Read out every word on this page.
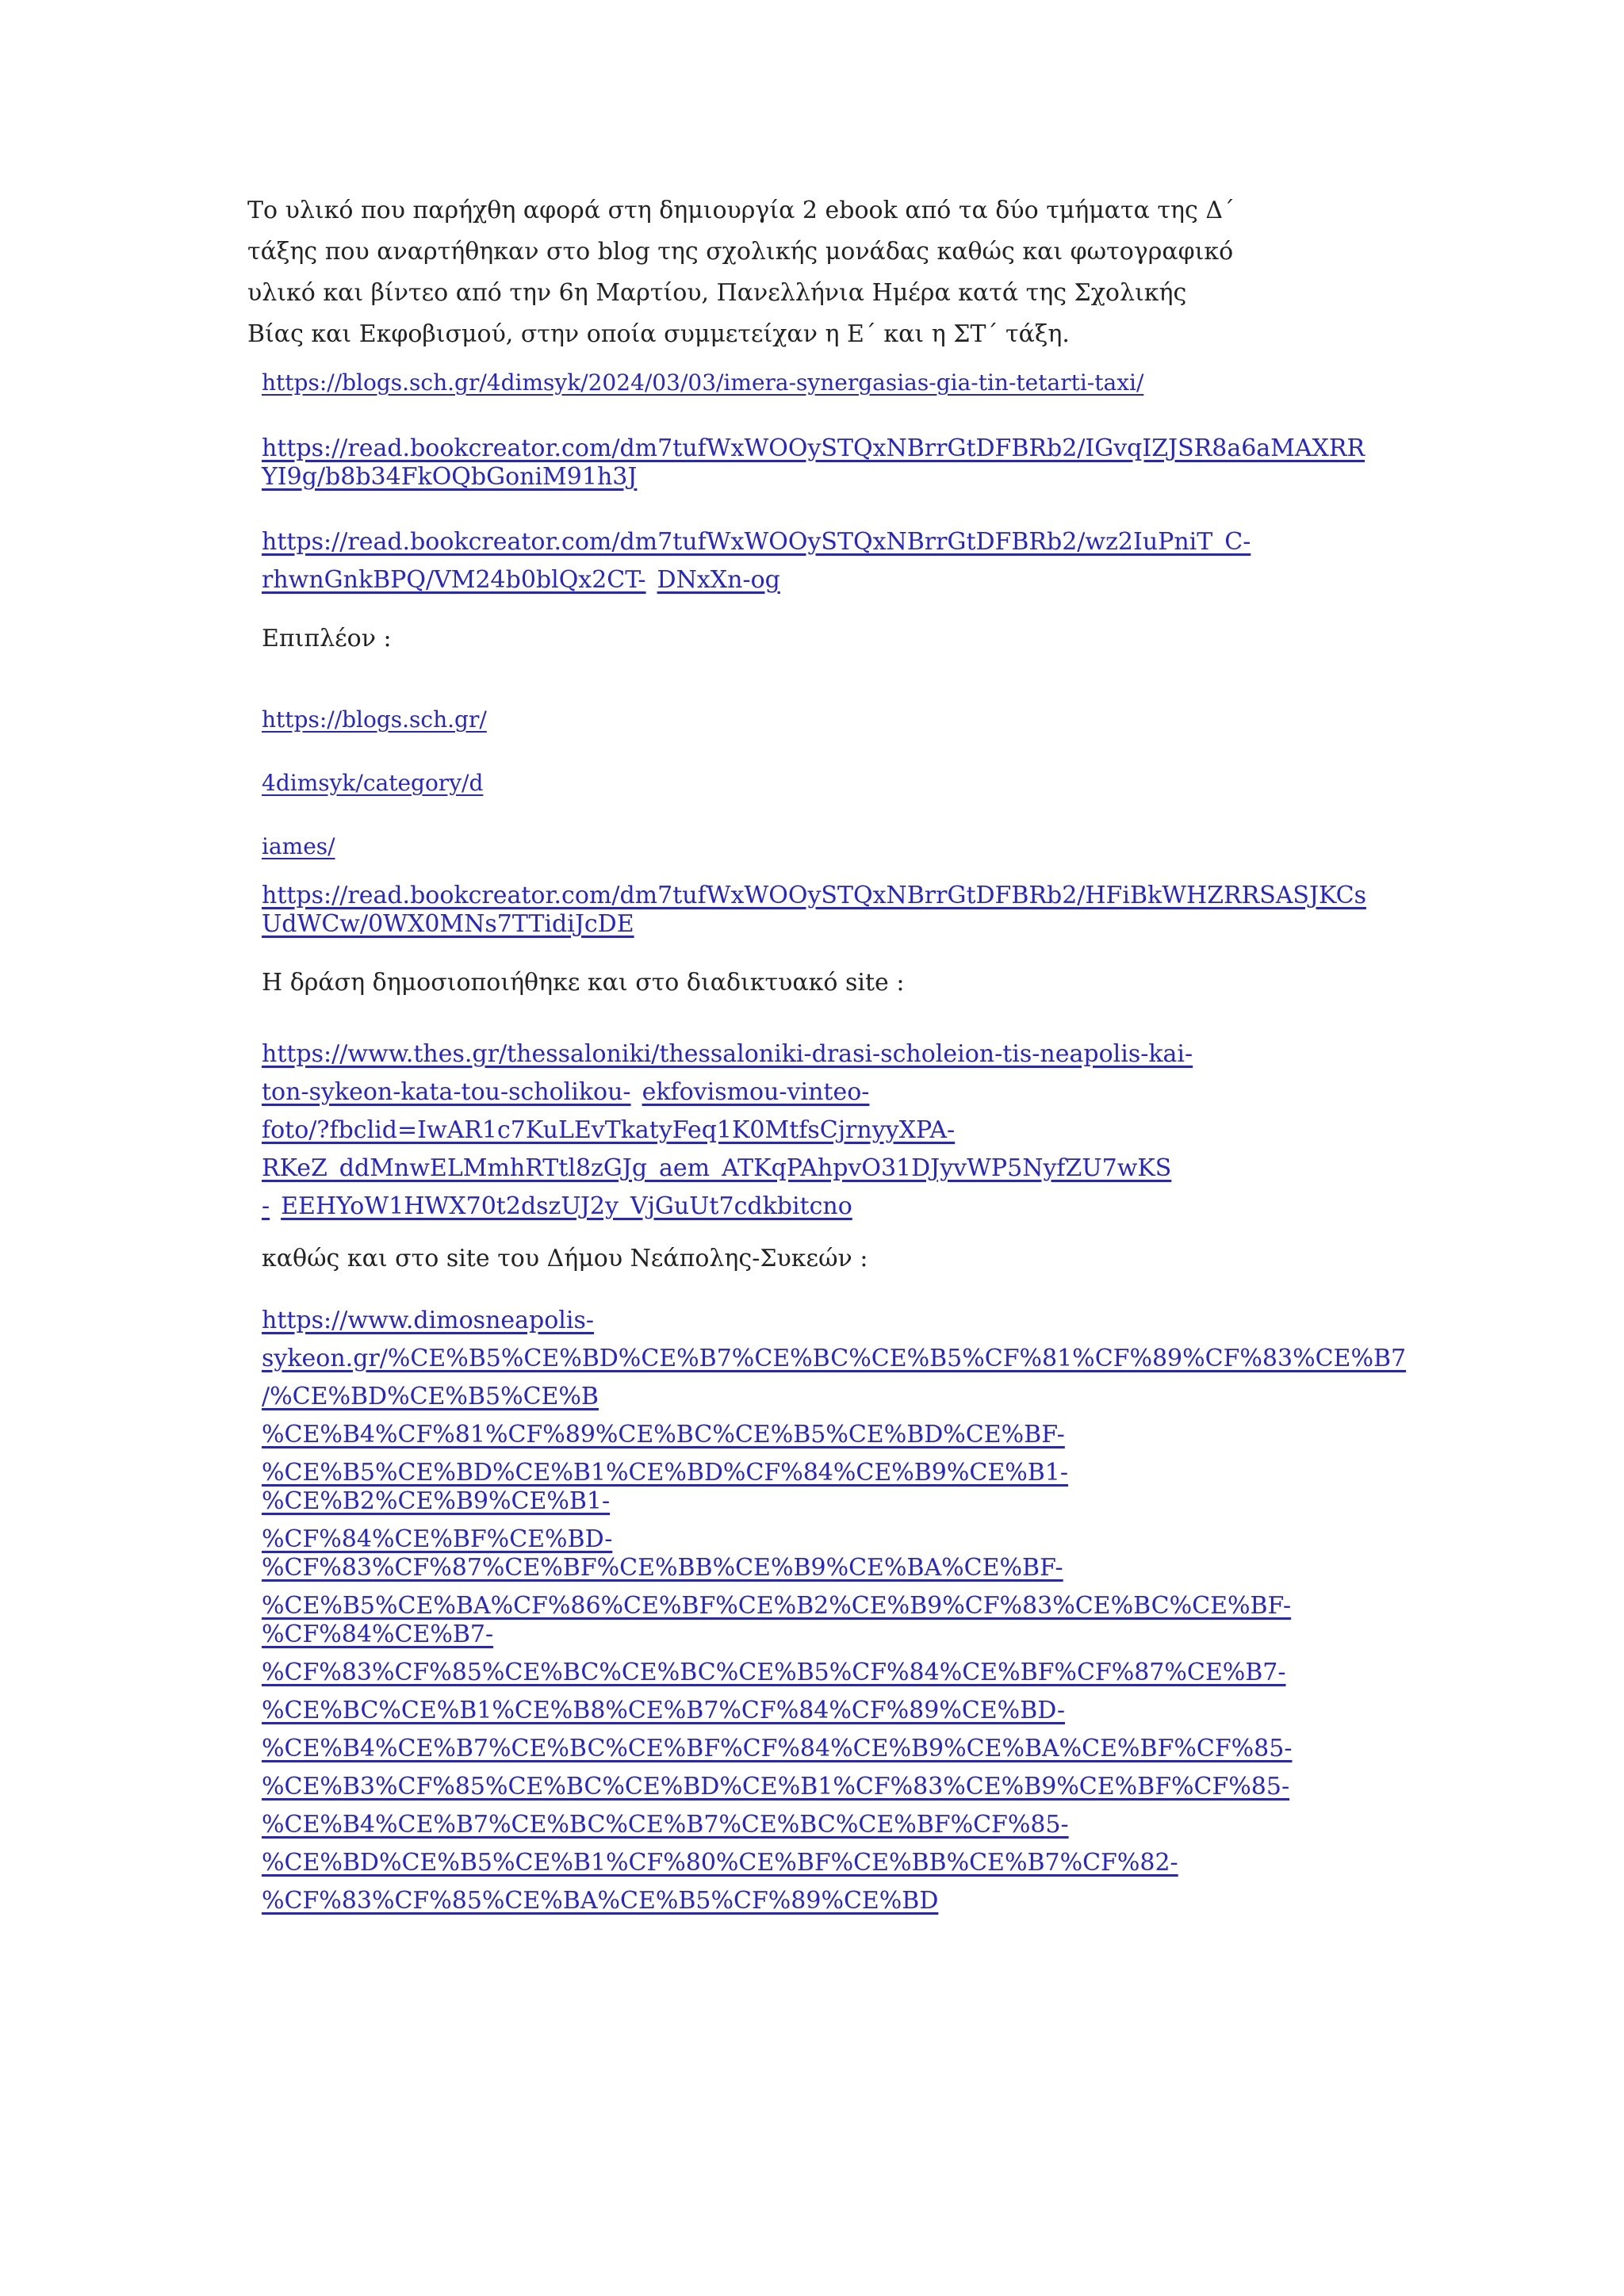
Το υλικό που παρήχθη αφορά στη δημιουργία 2 ebook από τα δύο τμήματα της Δ΄
τάξης που αναρτήθηκαν στο blog της σχολικής μονάδας καθώς και φωτογραφικό
υλικό και βίντεο από την 6η Μαρτίου, Πανελλήνια Ημέρα κατά της Σχολικής
Βίας και Εκφοβισμού, στην οποία συμμετείχαν η Ε΄ και η ΣΤ΄ τάξη.
https://blogs.sch.gr/4dimsyk/2024/03/03/imera-synergasias-gia-tin-tetarti-taxi/
https://read.bookcreator.com/dm7tufWxWOOySTQxNBrrGtDFBRb2/IGvqIZJSR8a6aMAXRR
YI9g/b8b34FkOQbGoniM91h3J
https://read.bookcreator.com/dm7tufWxWOOySTQxNBrrGtDFBRb2/wz2IuPniT_C-
rhwnGnkBPQ/VM24b0blQx2CT- DNxXn-og
Επιπλέον :
https://blogs.sch.gr/
4dimsyk/category/d
iames/
https://read.bookcreator.com/dm7tufWxWOOySTQxNBrrGtDFBRb2/HFiBkWHZRRSASJKCs
UdWCw/0WX0MNs7TTidiJcDE
Η δράση δημοσιοποιήθηκε και στο διαδικτυακό site :
https://www.thes.gr/thessaloniki/thessaloniki-drasi-scholeion-tis-neapolis-kai-
ton-sykeon-kata-tou-scholikou- ekfovismou-vinteo-
foto/?fbclid=IwAR1c7KuLEvTkatyFeq1K0MtfsCjrnyyXPA-
RKeZ_ddMnwELMmhRTtl8zGJg_aem_ATKqPAhpvO31DJyvWP5NyfZU7wKS
- EEHYoW1HWX70t2dszUJ2y_VjGuUt7cdkbitcno
καθώς και στο site του Δήμου Νεάπολης-Συκεών :
https://www.dimosneapolis-
sykeon.gr/%CE%B5%CE%BD%CE%B7%CE%BC%CE%B5%CF%81%CF%89%CF%83%CE%B7
/%CE%BD%CE%B5%CE%B
%CE%B4%CF%81%CF%89%CE%BC%CE%B5%CE%BD%CE%BF-
%CE%B5%CE%BD%CE%B1%CE%BD%CF%84%CE%B9%CE%B1-
%CE%B2%CE%B9%CE%B1-
%CF%84%CE%BF%CE%BD-
%CF%83%CF%87%CE%BF%CE%BB%CE%B9%CE%BA%CE%BF-
%CE%B5%CE%BA%CF%86%CE%BF%CE%B2%CE%B9%CF%83%CE%BC%CE%BF-
%CF%84%CE%B7-
%CF%83%CF%85%CE%BC%CE%BC%CE%B5%CF%84%CE%BF%CF%87%CE%B7-
%CE%BC%CE%B1%CE%B8%CE%B7%CF%84%CF%89%CE%BD-
%CE%B4%CE%B7%CE%BC%CE%BF%CF%84%CE%B9%CE%BA%CE%BF%CF%85-
%CE%B3%CF%85%CE%BC%CE%BD%CE%B1%CF%83%CE%B9%CE%BF%CF%85-
%CE%B4%CE%B7%CE%BC%CE%B7%CE%BC%CE%BF%CF%85-
%CE%BD%CE%B5%CE%B1%CF%80%CE%BF%CE%BB%CE%B7%CF%82-
%CF%83%CF%85%CE%BA%CE%B5%CF%89%CE%BD
